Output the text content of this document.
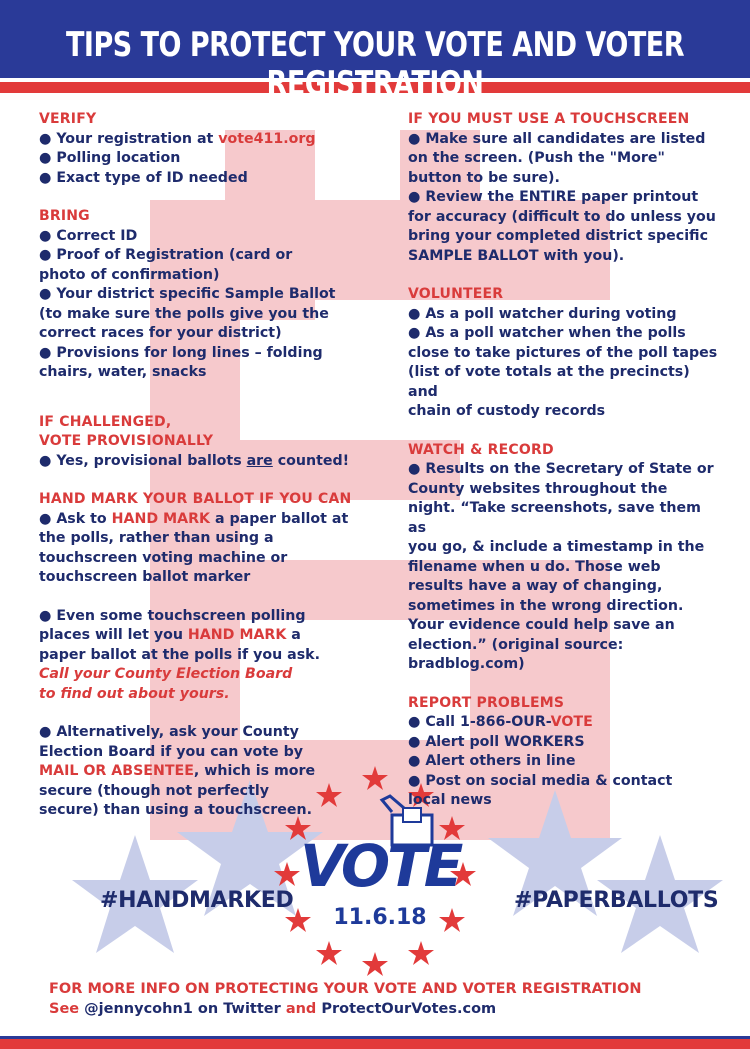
TIPS TO PROTECT YOUR VOTE AND VOTER REGISTRATION
VOTE
11.6.18
VERIFY
● Your registration at vote411.org
● Polling location
● Exact type of ID needed
BRING
● Correct ID
● Proof of Registration (card or
photo of confirmation)
● Your district specific Sample Ballot
(to make sure the polls give you the
correct races for your district)
● Provisions for long lines – folding
chairs, water, snacks
IF CHALLENGED,
VOTE PROVISIONALLY
● Yes, provisional ballots are counted!
HAND MARK YOUR BALLOT IF YOU CAN
● Ask to HAND MARK a paper ballot at
the polls, rather than using a
touchscreen voting machine or
touchscreen ballot marker
● Even some touchscreen polling
places will let you HAND MARK a
paper ballot at the polls if you ask.
Call your County Election Board
to find out about yours.
● Alternatively, ask your County
Election Board if you can vote by
MAIL OR ABSENTEE, which is more
secure (though not perfectly
secure) than using a touchscreen.
IF YOU MUST USE A TOUCHSCREEN
● Make sure all candidates are listed
on the screen. (Push the "More"
button to be sure).
● Review the ENTIRE paper printout
for accuracy (difficult to do unless you
bring your completed district specific
SAMPLE BALLOT with you).
VOLUNTEER
● As a poll watcher during voting
● As a poll watcher when the polls
close to take pictures of the poll tapes
(list of vote totals at the precincts) and
chain of custody records
WATCH & RECORD
● Results on the Secretary of State or
County websites throughout the
night. “Take screenshots, save them as
you go, & include a timestamp in the
filename when u do. Those web
results have a way of changing,
sometimes in the wrong direction.
Your evidence could help save an
election.” (original source:
bradblog.com)
REPORT PROBLEMS
● Call 1-866-OUR-VOTE
● Alert poll WORKERS
● Alert others in line
● Post on social media & contact
local news
#HANDMARKED	#PAPERBALLOTS
FOR MORE INFO ON PROTECTING YOUR VOTE AND VOTER REGISTRATION
See @jennycohn1 on Twitter and ProtectOurVotes.com
